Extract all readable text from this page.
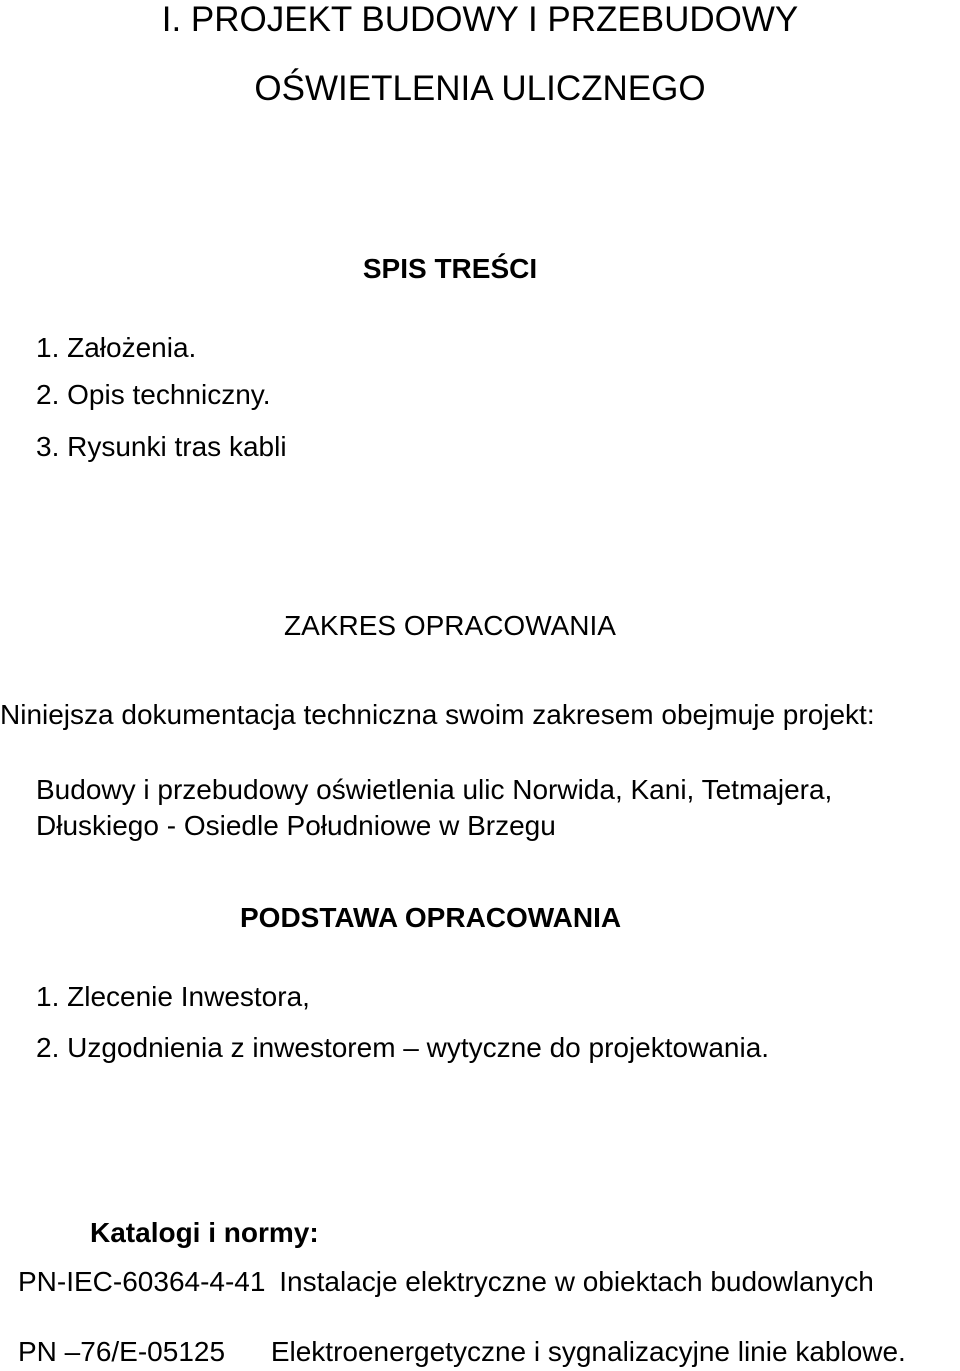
I. PROJEKT BUDOWY I PRZEBUDOWY
OŚWIETLENIA ULICZNEGO
SPIS TREŚCI
1. Założenia.
2. Opis techniczny.
3. Rysunki tras kabli
ZAKRES OPRACOWANIA
Niniejsza dokumentacja techniczna swoim zakresem obejmuje projekt:
Budowy i przebudowy oświetlenia ulic Norwida, Kani, Tetmajera,
Dłuskiego - Osiedle Południowe w Brzegu
PODSTAWA OPRACOWANIA
1. Zlecenie Inwestora,
2. Uzgodnienia z inwestorem – wytyczne do projektowania.
Katalogi i normy:
PN-IEC-60364-4-41 Instalacje elektryczne w obiektach budowlanych
PN –76/E-05125 Elektroenergetyczne i sygnalizacyjne linie kablowe.
